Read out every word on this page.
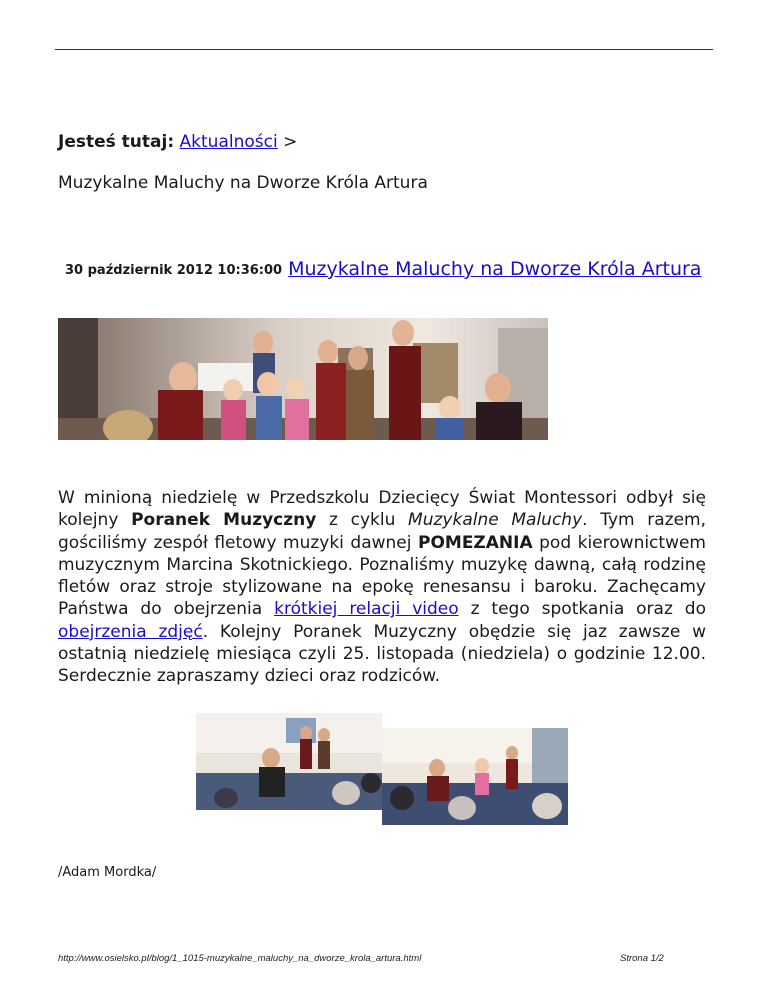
Jesteś tutaj: Aktualności >
Muzykalne Maluchy na Dworze Króla Artura
30 październik 2012 10:36:00 Muzykalne Maluchy na Dworze Króla Artura
W minioną niedzielę w Przedszkolu Dziecięcy Świat Montessori odbył się kolejny Poranek Muzyczny z cyklu Muzykalne Maluchy. Tym razem, gościliśmy zespół fletowy muzyki dawnej POMEZANIA pod kierownictwem muzycznym Marcina Skotnickiego. Poznaliśmy muzykę dawną, całą rodzinę fletów oraz stroje stylizowane na epokę renesansu i baroku. Zachęcamy Państwa do obejrzenia krótkiej relacji video z tego spotkania oraz do obejrzenia zdjęć. Kolejny Poranek Muzyczny obędzie się jaz zawsze w ostatnią niedzielę miesiąca czyli 25. listopada (niedziela) o godzinie 12.00. Serdecznie zapraszamy dzieci oraz rodziców.
/Adam Mordka/
http://www.osielsko.pl/blog/1_1015-muzykalne_maluchy_na_dworze_krola_artura.html	Strona 1/2
